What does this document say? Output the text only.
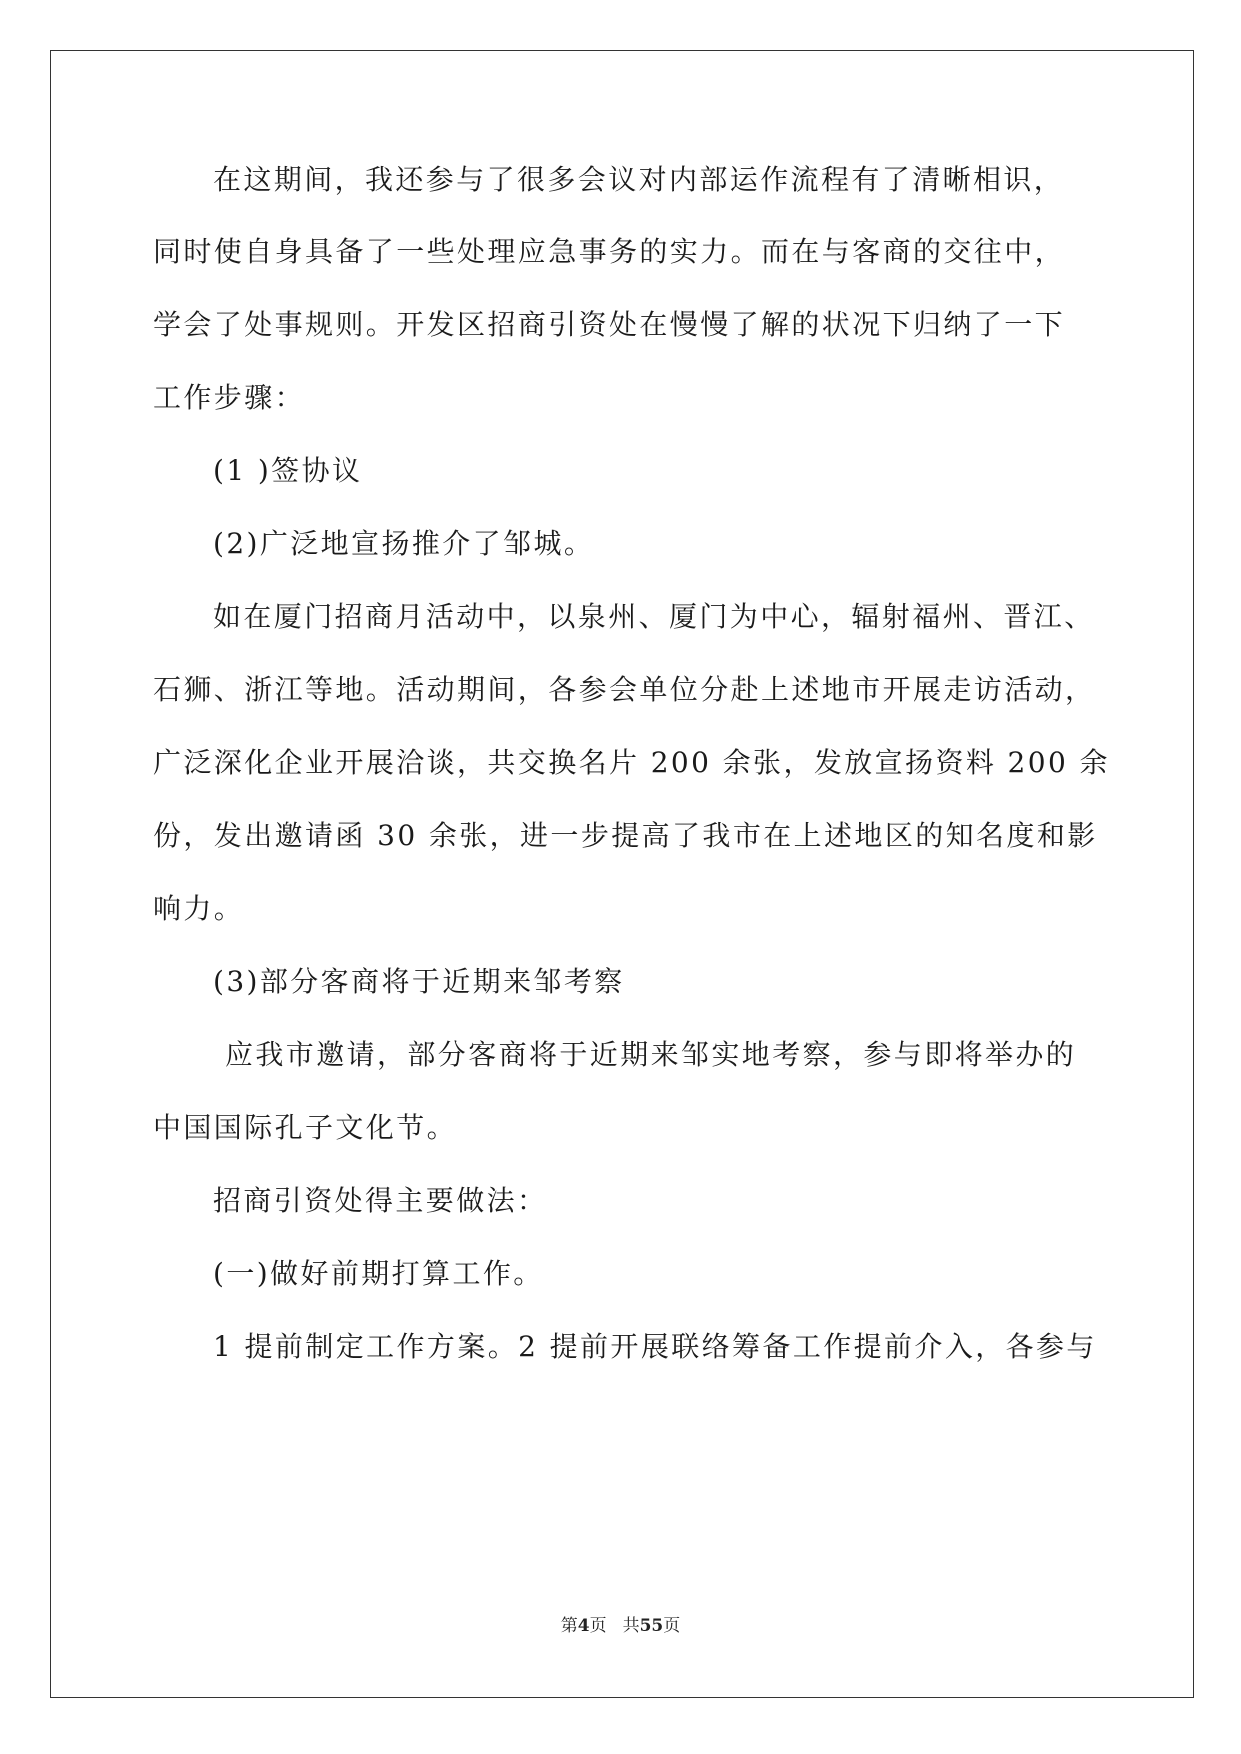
在这期间，我还参与了很多会议对内部运作流程有了清晰相识，
同时使自身具备了一些处理应急事务的实力。而在与客商的交往中，
学会了处事规则。开发区招商引资处在慢慢了解的状况下归纳了一下
工作步骤：
(1 )签协议
(2)广泛地宣扬推介了邹城。
如在厦门招商月活动中，以泉州、厦门为中心，辐射福州、晋江、
石狮、浙江等地。活动期间，各参会单位分赴上述地市开展走访活动，
广泛深化企业开展洽谈，共交换名片 200 余张，发放宣扬资料 200 余
份，发出邀请函 30 余张，进一步提高了我市在上述地区的知名度和影
响力。
(3)部分客商将于近期来邹考察
应我市邀请，部分客商将于近期来邹实地考察，参与即将举办的
中国国际孔子文化节。
招商引资处得主要做法：
(一)做好前期打算工作。
1 提前制定工作方案。2 提前开展联络筹备工作提前介入，各参与
第4页 共55页
